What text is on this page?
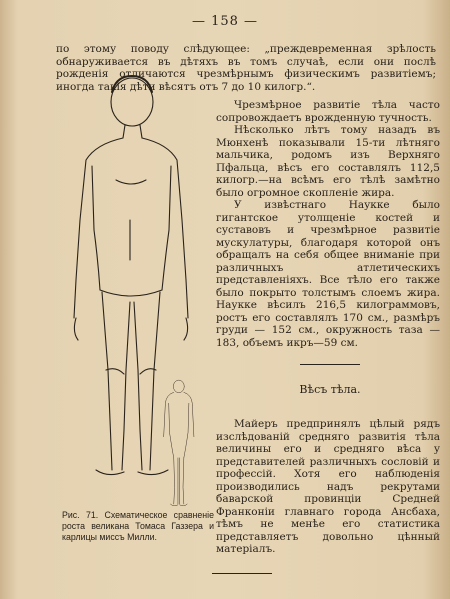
— 158 —

по этому поводу слѣдующее: „преждевременная зрѣлость обнаруживается въ дѣтяхъ въ томъ случаѣ, если они послѣ рожденія отличаются чрезмѣрнымъ физическимъ развитіемъ; иногда такія дѣти вѣсятъ отъ 7 до 10 килогр.“.

Чрезмѣрное развитіе тѣла часто сопровождаетъ врожденную тучность.

Нѣсколько лѣтъ тому назадъ въ Мюнхенѣ показывали 15-ти лѣтняго мальчика, родомъ изъ Верхняго Пфальца, вѣсъ его составлялъ 112,5 килогр.—на всѣмъ его тѣлѣ замѣтно было огромное скопленіе жира.

У извѣстнаго Наукке было гигантское утолщеніе костей и суставовъ и чрезмѣрное развитіе мускулатуры, благодаря которой онъ обращалъ на себя общее вниманіе при различныхъ атлетическихъ представленіяхъ. Все тѣло его также было покрыто толстымъ слоемъ жира. Наукке вѣсилъ 216,5 килограммовъ, ростъ его составлялъ 170 см., размѣръ груди — 152 см., окружность таза — 183, объемъ икръ—59 см.

Вѣсъ тѣла.

Майеръ предпринялъ цѣлый рядъ изслѣдованій средняго развитія тѣла величины его и средняго вѣса у представителей различныхъ сословій и профессій. Хотя его наблюденія производились надъ рекрутами баварской провинціи Средней Франконіи главнаго города Ансбаха, тѣмъ не менѣе его статистика представляетъ довольно цѣнный матеріалъ.

Рис. 71. Схематическое сравненіе роста великана Томаса Газзера и карлицы миссъ Милли.
